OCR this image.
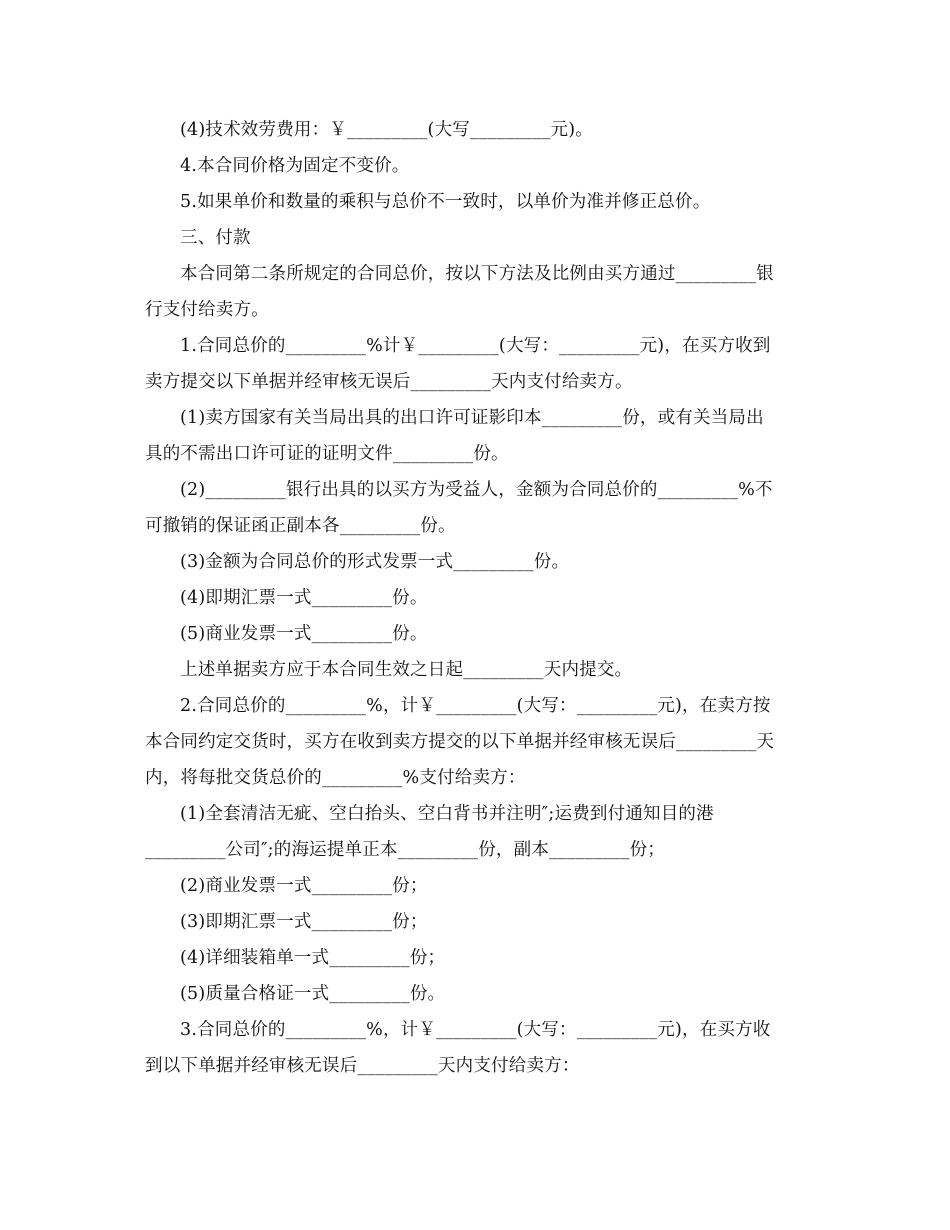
(4)技术效劳费用：￥_________(大写_________元)。
4.本合同价格为固定不变价。
5.如果单价和数量的乘积与总价不一致时，以单价为准并修正总价。
三、付款
本合同第二条所规定的合同总价，按以下方法及比例由买方通过_________银
行支付给卖方。
1.合同总价的_________%计￥_________(大写：_________元)，在买方收到
卖方提交以下单据并经审核无误后_________天内支付给卖方。
(1)卖方国家有关当局出具的出口许可证影印本_________份，或有关当局出
具的不需出口许可证的证明文件_________份。
(2)_________银行出具的以买方为受益人，金额为合同总价的_________%不
可撤销的保证函正副本各_________份。
(3)金额为合同总价的形式发票一式_________份。
(4)即期汇票一式_________份。
(5)商业发票一式_________份。
上述单据卖方应于本合同生效之日起_________天内提交。
2.合同总价的_________%，计￥_________(大写：_________元)，在卖方按
本合同约定交货时，买方在收到卖方提交的以下单据并经审核无误后_________天
内，将每批交货总价的_________%支付给卖方：
(1)全套清洁无疵、空白抬头、空白背书并注明″;运费到付通知目的港
_________公司″;的海运提单正本_________份，副本_________份；
(2)商业发票一式_________份；
(3)即期汇票一式_________份；
(4)详细装箱单一式_________份；
(5)质量合格证一式_________份。
3.合同总价的_________%，计￥_________(大写：_________元)，在买方收
到以下单据并经审核无误后_________天内支付给卖方：
